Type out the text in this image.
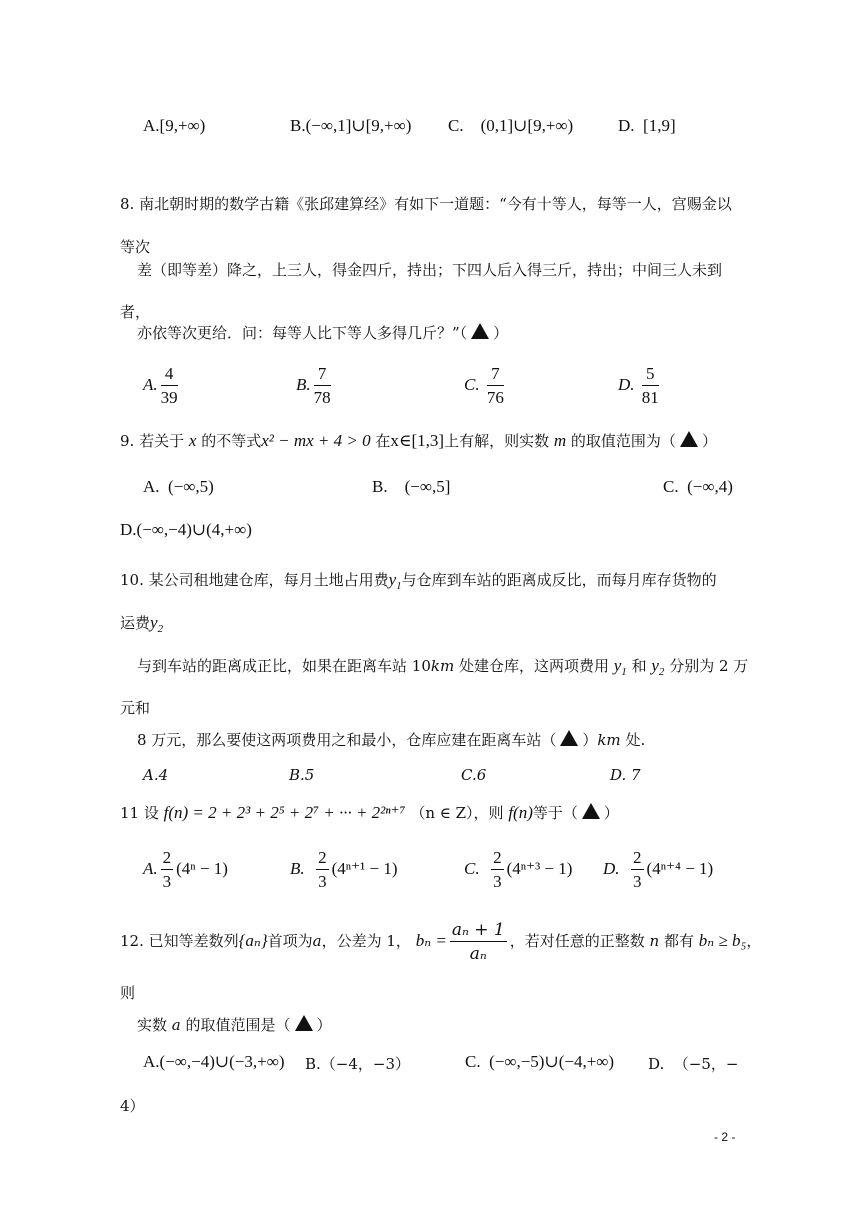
A.[9,+∞)	B.(−∞,1]∪[9,+∞) C.    (0,1]∪[9,+∞)	D.  [1,9]
8. 南北朝时期的数学古籍《张邱建算经》有如下一道题：“今有十等人，每等一人，宫赐金以
等次
差（即等差）降之，上三人，得金四斤，持出；下四人后入得三斤，持出；中间三人未到
者，
亦依等次更给．问：每等人比下等人多得几斤？”（ ）
A. $\frac{4}{39}$	B. $\frac{7}{78}$	C. $\frac{7}{76}$	D. $\frac{5}{81}$
9. 若关于 x 的不等式x² − mx + 4 > 0 在x∈[1,3]上有解，则实数 m 的取值范围为（ ）
A.  (−∞,5)	B.    (−∞,5]	C.  (−∞,4)
D.(−∞,−4)∪(4,+∞)
10. 某公司租地建仓库，每月土地占用费$y_1$与仓库到车站的距离成反比，而每月库存货物的
运费$y_2$
与到车站的距离成正比，如果在距离车站 10km 处建仓库，这两项费用 $y_1$ 和 $y_2$ 分别为 2 万
元和
8 万元，那么要使这两项费用之和最小，仓库应建在距离车站（ ）km 处.
A.4	B.5	C.6	D. 7
11 设 f(n) = 2 + 2³ + 2⁵ + 2⁷ + ··· + 2²ⁿ⁺⁷ （n ∈ Z），则 f(n)等于（ ）
A. $\frac{2}{3} (4^n - 1)$	B. $\frac{2}{3} (4^{n+1} - 1)$	C. $\frac{2}{3} (4^{n+3} - 1)$ D. $\frac{2}{3} (4^{n+4} - 1)$
12. 已知等差数列{aₙ}首项为a，公差为 1， $b_n = \frac{\text{aₙ + 1}}{\text{aₙ}}$ ，若对任意的正整数 n 都有 bₙ ≥ b₅，
则
实数 a 的取值范围是（ ）
A.(−∞,−4)∪(−3,+∞) B.（−4，−3）	C.  (−∞,−5)∪(−4,+∞) D.  （−5，−
4）
- 2 -
